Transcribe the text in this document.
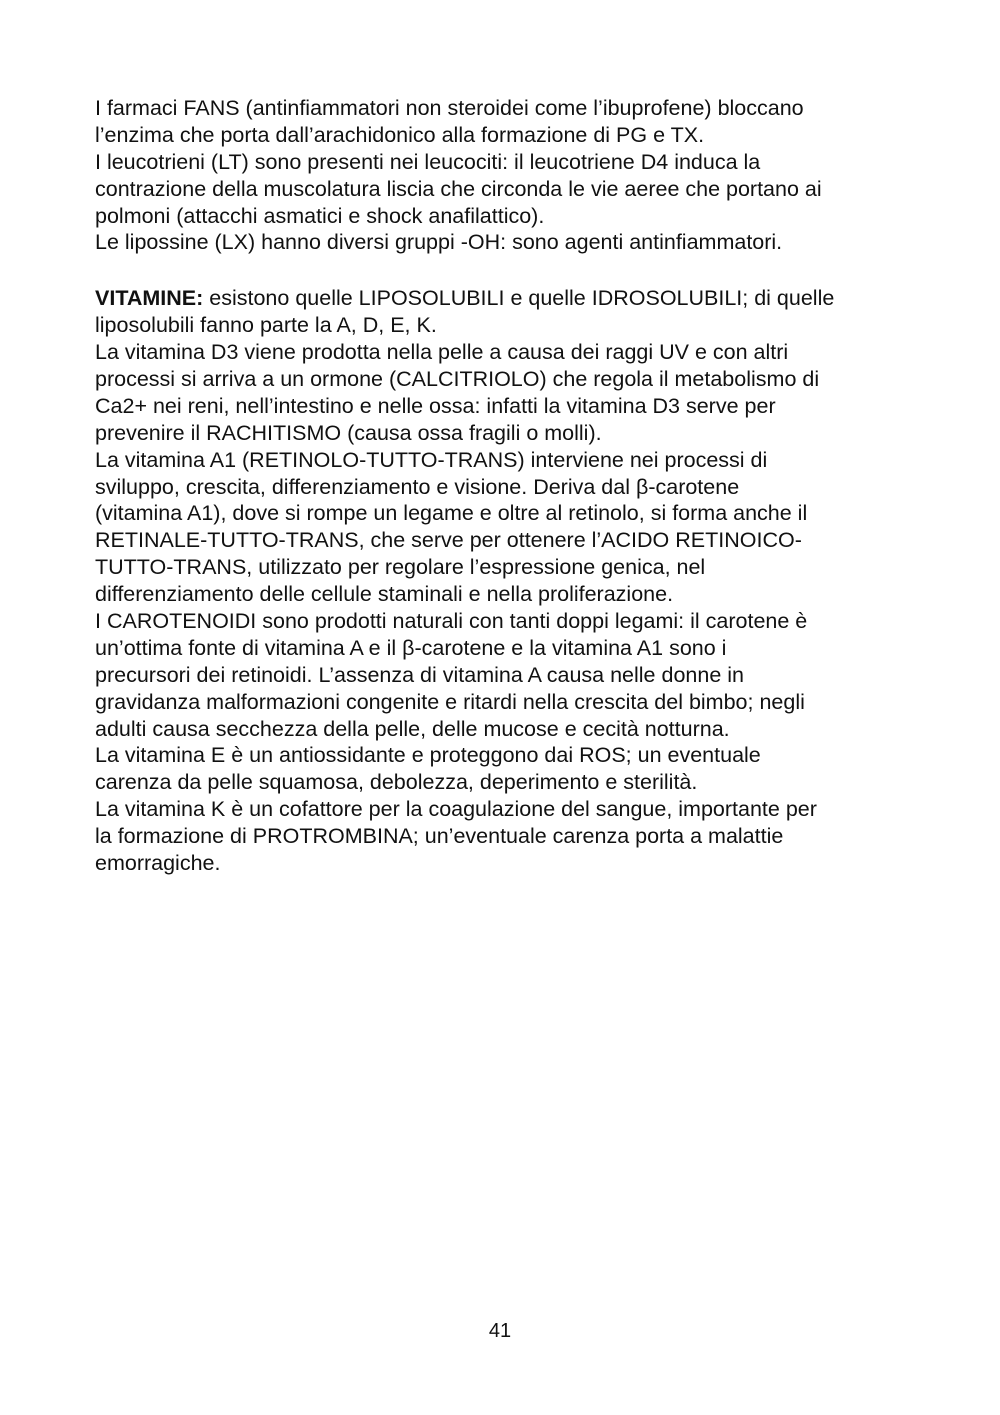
I farmaci FANS (antinfiammatori non steroidei come l’ibuprofene) bloccano
l’enzima che porta dall’arachidonico alla formazione di PG e TX.
I leucotrieni (LT) sono presenti nei leucociti: il leucotriene D4 induca la
contrazione della muscolatura liscia che circonda le vie aeree che portano ai
polmoni (attacchi asmatici e shock anafilattico).
Le lipossine (LX) hanno diversi gruppi -OH: sono agenti antinfiammatori.
VITAMINE: esistono quelle LIPOSOLUBILI e quelle IDROSOLUBILI; di quelle
liposolubili fanno parte la A, D, E, K.
La vitamina D3 viene prodotta nella pelle a causa dei raggi UV e con altri
processi si arriva a un ormone (CALCITRIOLO) che regola il metabolismo di
Ca2+ nei reni, nell’intestino e nelle ossa: infatti la vitamina D3 serve per
prevenire il RACHITISMO (causa ossa fragili o molli).
La vitamina A1 (RETINOLO-TUTTO-TRANS) interviene nei processi di
sviluppo, crescita, differenziamento e visione. Deriva dal β-carotene
(vitamina A1), dove si rompe un legame e oltre al retinolo, si forma anche il
RETINALE-TUTTO-TRANS, che serve per ottenere l’ACIDO RETINOICO-
TUTTO-TRANS, utilizzato per regolare l’espressione genica, nel
differenziamento delle cellule staminali e nella proliferazione.
I CAROTENOIDI sono prodotti naturali con tanti doppi legami: il carotene è
un’ottima fonte di vitamina A e il β-carotene e la vitamina A1 sono i
precursori dei retinoidi. L’assenza di vitamina A causa nelle donne in
gravidanza malformazioni congenite e ritardi nella crescita del bimbo; negli
adulti causa secchezza della pelle, delle mucose e cecità notturna.
La vitamina E è un antiossidante e proteggono dai ROS; un eventuale
carenza da pelle squamosa, debolezza, deperimento e sterilità.
La vitamina K è un cofattore per la coagulazione del sangue, importante per
la formazione di PROTROMBINA; un’eventuale carenza porta a malattie
emorragiche.
41
